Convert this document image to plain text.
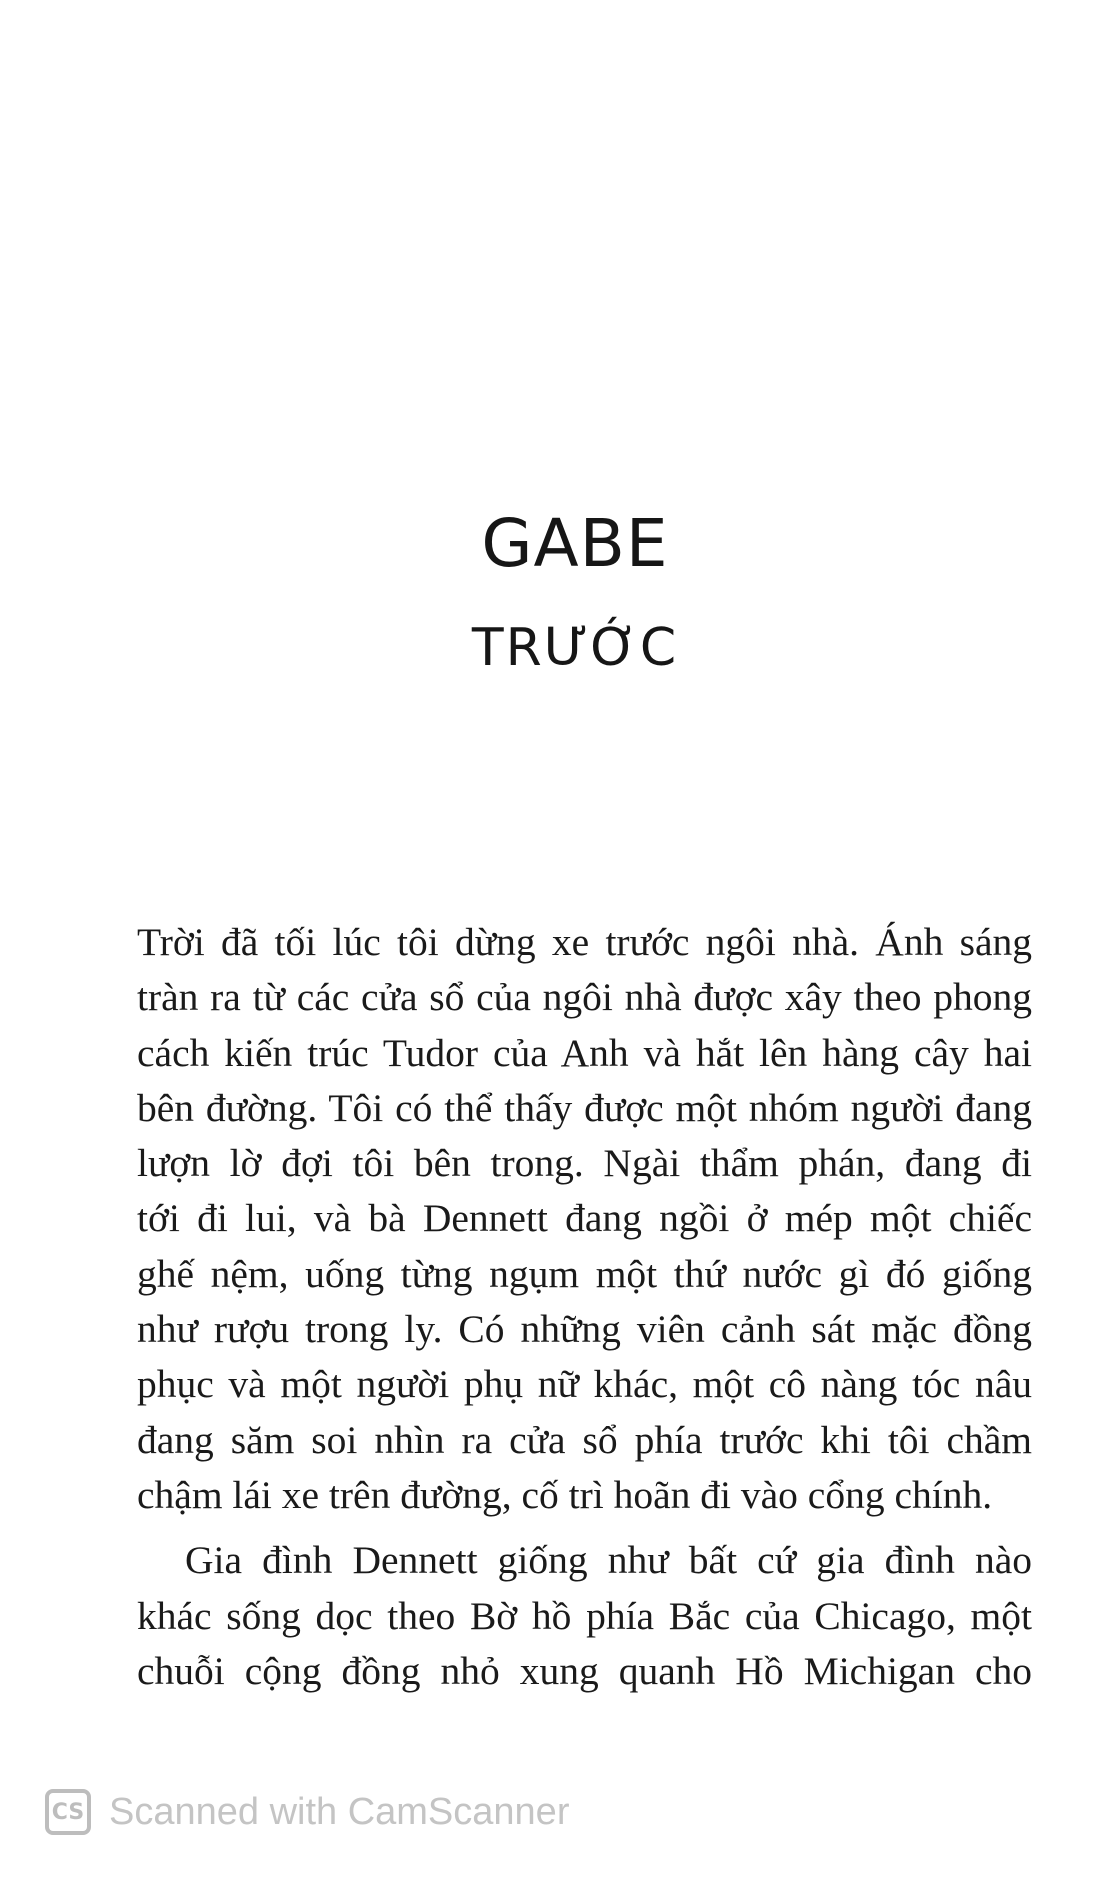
GABE
TRƯỚC

Trời đã tối lúc tôi dừng xe trước ngôi nhà. Ánh sáng
tràn ra từ các cửa sổ của ngôi nhà được xây theo phong
cách kiến trúc Tudor của Anh và hắt lên hàng cây hai
bên đường. Tôi có thể thấy được một nhóm người đang
lượn lờ đợi tôi bên trong. Ngài thẩm phán, đang đi
tới đi lui, và bà Dennett đang ngồi ở mép một chiếc
ghế nệm, uống từng ngụm một thứ nước gì đó giống
như rượu trong ly. Có những viên cảnh sát mặc đồng
phục và một người phụ nữ khác, một cô nàng tóc nâu
đang săm soi nhìn ra cửa sổ phía trước khi tôi chầm
chậm lái xe trên đường, cố trì hoãn đi vào cổng chính.

Gia đình Dennett giống như bất cứ gia đình nào
khác sống dọc theo Bờ hồ phía Bắc của Chicago, một
chuỗi cộng đồng nhỏ xung quanh Hồ Michigan cho

CS Scanned with CamScanner
